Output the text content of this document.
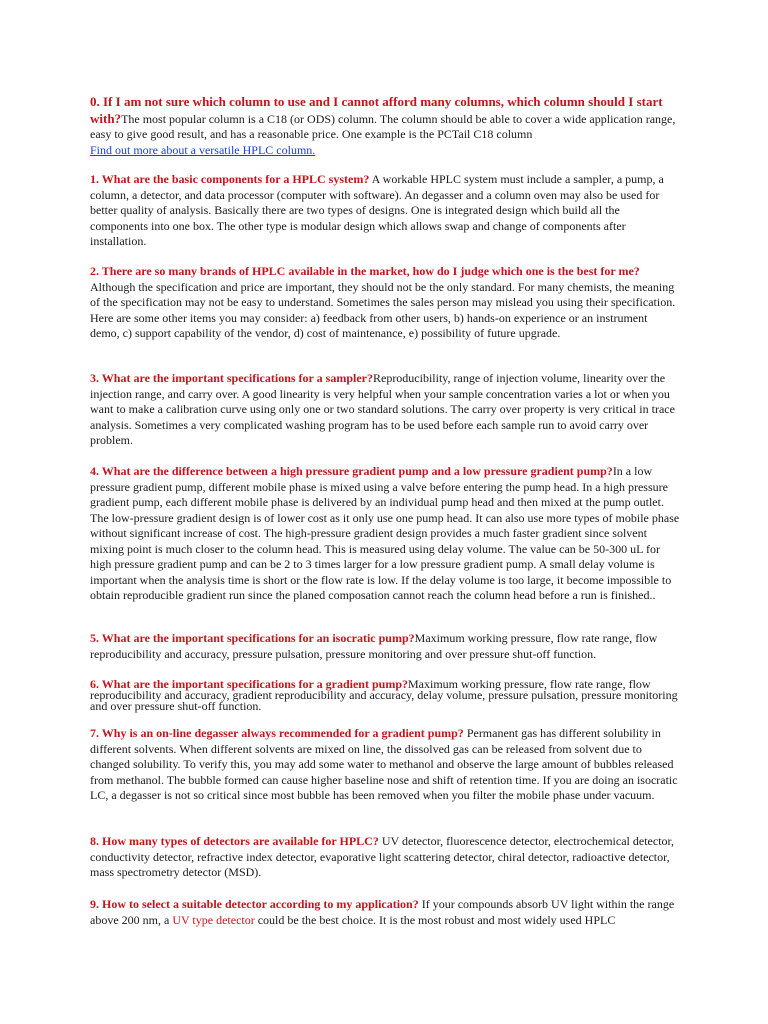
0. If I am not sure which column to use and I cannot afford many columns, which column should I start with?The most popular column is a C18 (or ODS) column. The column should be able to cover a wide application range, easy to give good result, and has a reasonable price. One example is the PCTail C18 column
Find out more about a versatile HPLC column.

1. What are the basic components for a HPLC system? A workable HPLC system must include a sampler, a pump, a column, a detector, and data processor (computer with software). An degasser and a column oven may also be used for better quality of analysis. Basically there are two types of designs. One is integrated design which build all the components into one box. The other type is modular design which allows swap and change of components after installation.

2. There are so many brands of HPLC available in the market, how do I judge which one is the best for me?Although the specification and price are important, they should not be the only standard. For many chemists, the meaning of the specification may not be easy to understand. Sometimes the sales person may mislead you using their specification. Here are some other items you may consider: a) feedback from other users, b) hands-on experience or an instrument demo, c) support capability of the vendor, d) cost of maintenance, e) possibility of future upgrade.

3. What are the important specifications for a sampler?Reproducibility, range of injection volume, linearity over the injection range, and carry over. A good linearity is very helpful when your sample concentration varies a lot or when you want to make a calibration curve using only one or two standard solutions. The carry over property is very critical in trace analysis. Sometimes a very complicated washing program has to be used before each sample run to avoid carry over problem.

4. What are the difference between a high pressure gradient pump and a low pressure gradient pump?In a low pressure gradient pump, different mobile phase is mixed using a valve before entering the pump head. In a high pressure gradient pump, each different mobile phase is delivered by an individual pump head and then mixed at the pump outlet. The low-pressure gradient design is of lower cost as it only use one pump head. It can also use more types of mobile phase without significant increase of cost. The high-pressure gradient design provides a much faster gradient since solvent mixing point is much closer to the column head. This is measured using delay volume. The value can be 50-300 uL for high pressure gradient pump and can be 2 to 3 times larger for a low pressure gradient pump. A small delay volume is important when the analysis time is short or the flow rate is low. If the delay volume is too large, it become impossible to obtain reproducible gradient run since the planed composation cannot reach the column head before a run is finished..

5. What are the important specifications for an isocratic pump?Maximum working pressure, flow rate range, flow reproducibility and accuracy, pressure pulsation, pressure monitoring and over pressure shut-off function.

6. What are the important specifications for a gradient pump?Maximum working pressure, flow rate range, flow reproducibility and accuracy, gradient reproducibility and accuracy, delay volume, pressure pulsation, pressure monitoring and over pressure shut-off function.

7. Why is an on-line degasser always recommended for a gradient pump? Permanent gas has different solubility in different solvents. When different solvents are mixed on line, the dissolved gas can be released from solvent due to changed solubility. To verify this, you may add some water to methanol and observe the large amount of bubbles released from methanol. The bubble formed can cause higher baseline nose and shift of retention time. If you are doing an isocratic LC, a degasser is not so critical since most bubble has been removed when you filter the mobile phase under vacuum.

8. How many types of detectors are available for HPLC? UV detector, fluorescence detector, electrochemical detector, conductivity detector, refractive index detector, evaporative light scattering detector, chiral detector, radioactive detector, mass spectrometry detector (MSD).

9. How to select a suitable detector according to my application? If your compounds absorb UV light within the range above 200 nm, a UV type detector could be the best choice. It is the most robust and most widely used HPLC
